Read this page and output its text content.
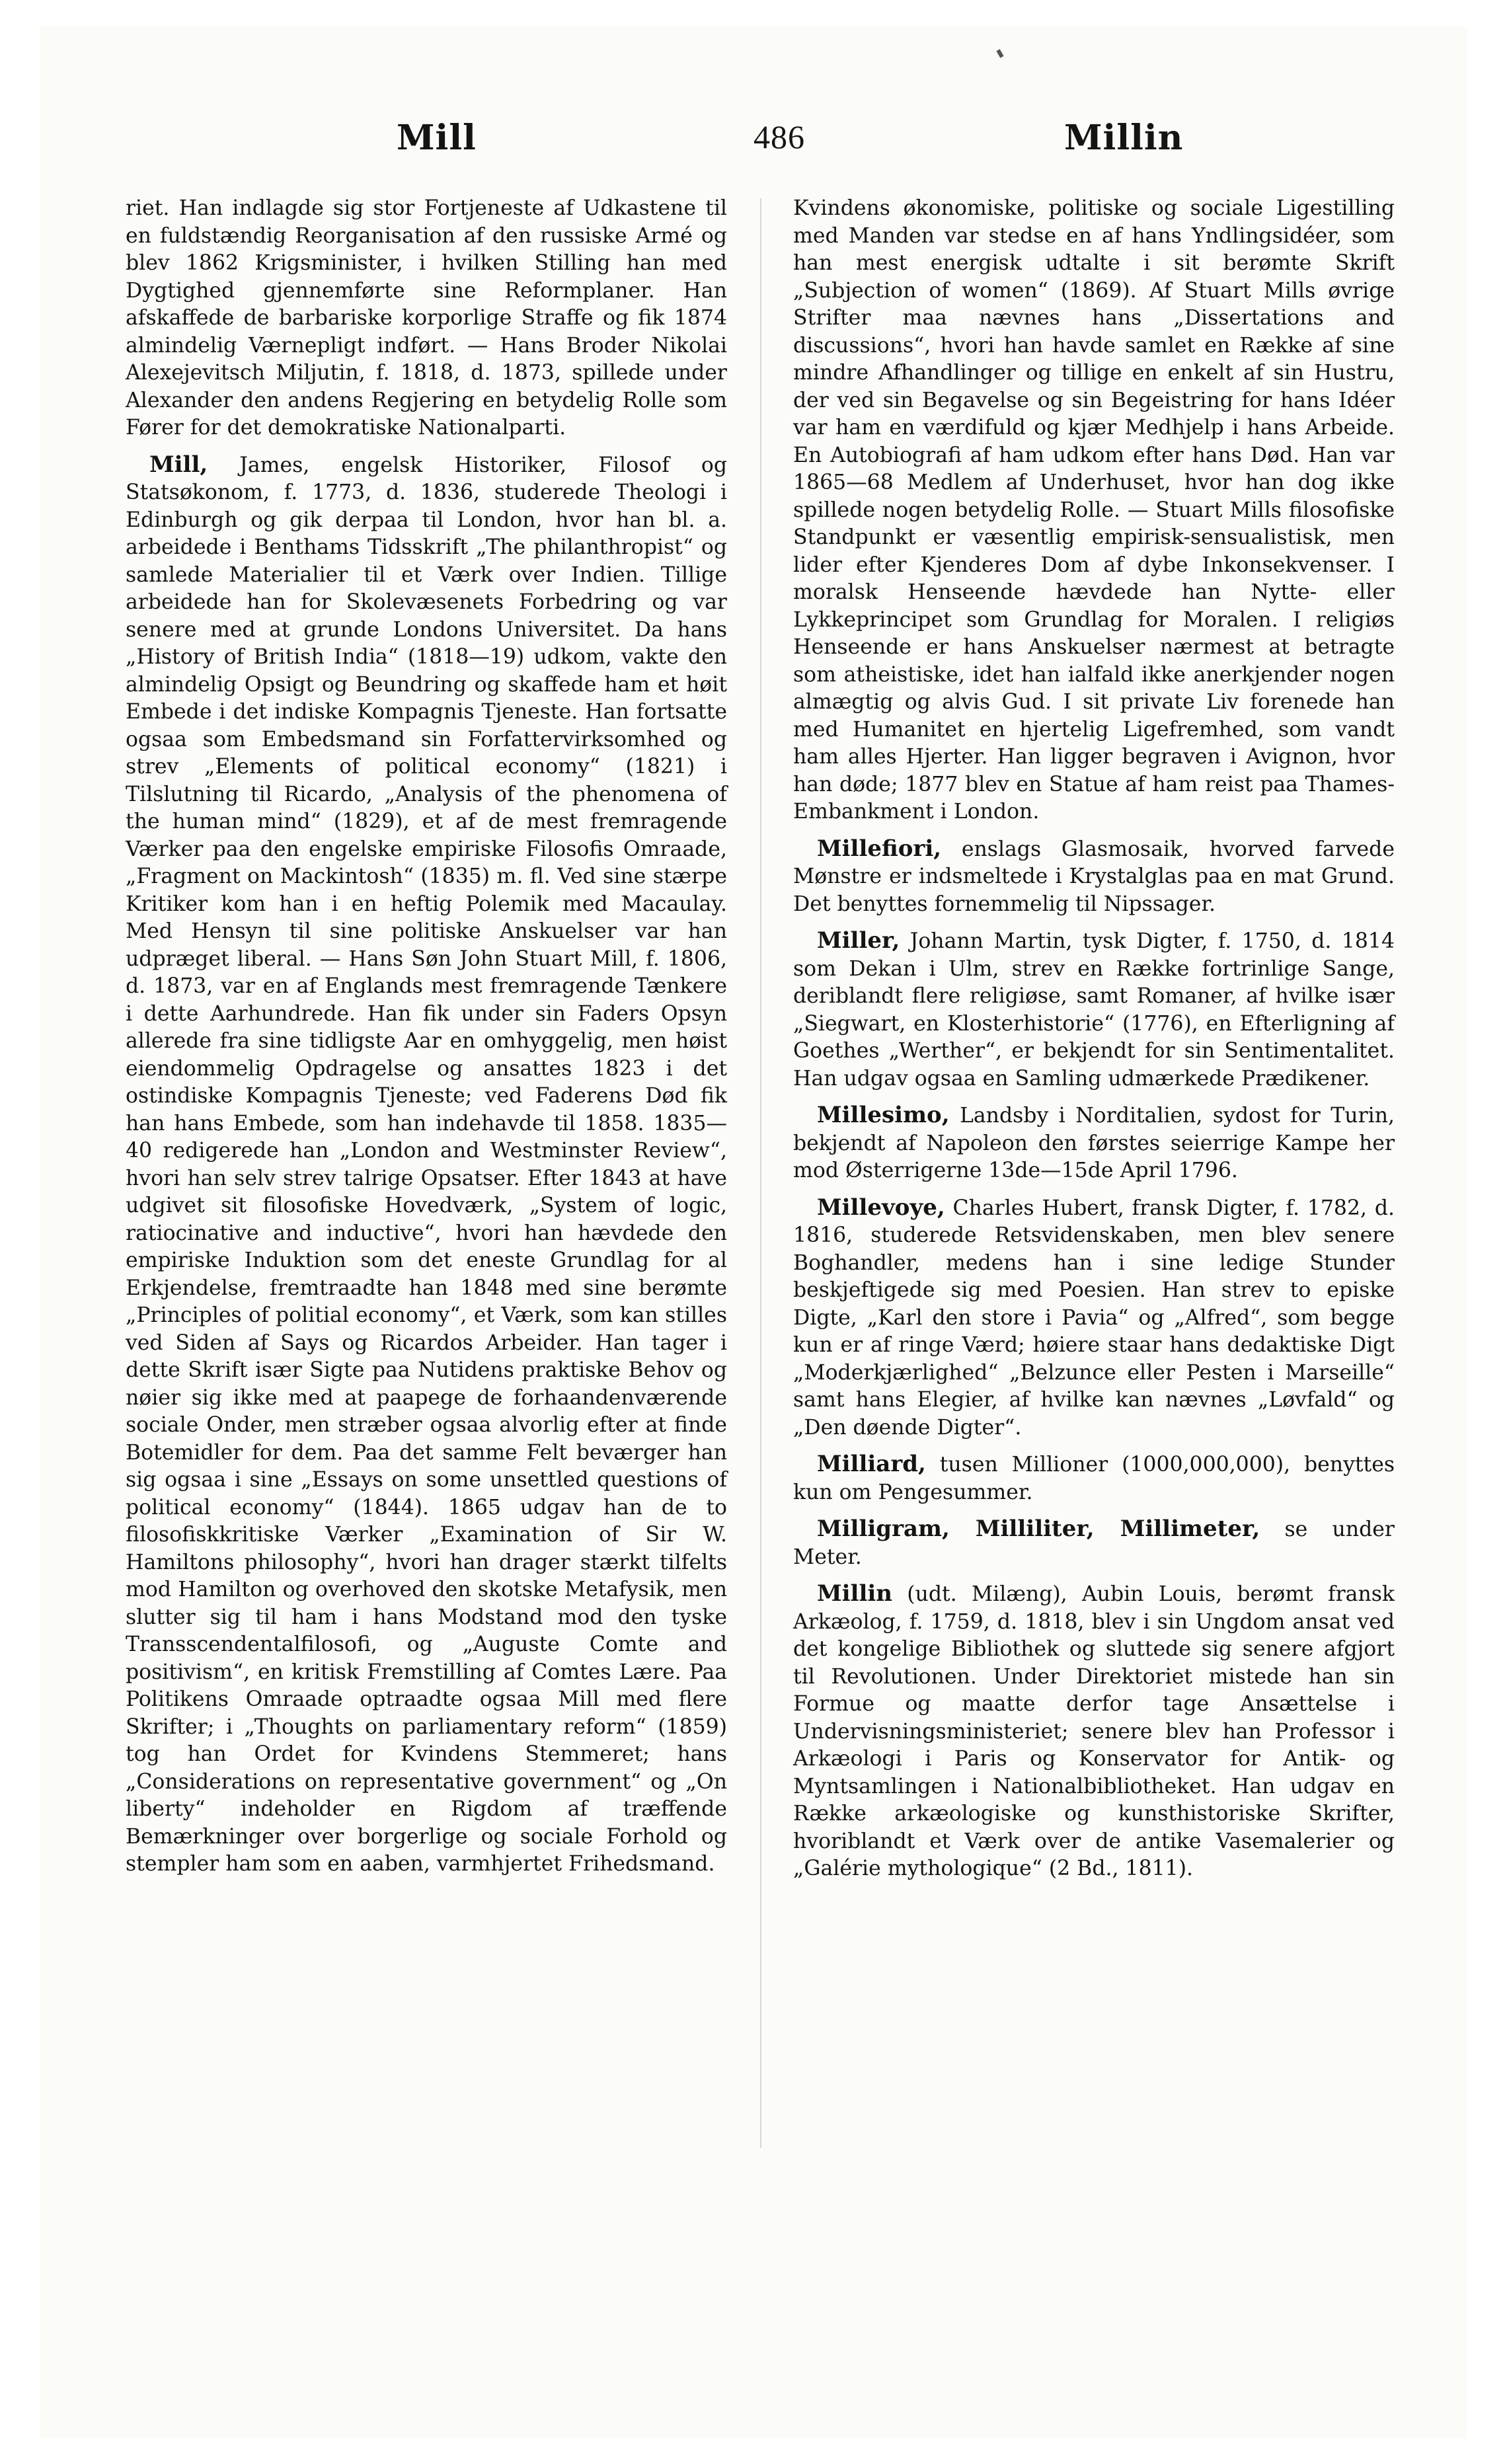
Mill	486	Millin

riet. Han indlagde sig stor Fortjeneste af Udkastene til en fuldstændig Reorganisation af den russiske Armé og blev 1862 Krigsminister, i hvilken Stilling han med Dygtighed gjennemførte sine Reformplaner. Han afskaffede de barbariske korporlige Straffe og fik 1874 almindelig Værnepligt indført. — Hans Broder Nikolai Alexejevitsch Miljutin, f. 1818, d. 1873, spillede under Alexander den andens Regjering en betydelig Rolle som Fører for det demokratiske Nationalparti.

Mill, James, engelsk Historiker, Filosof og Statsøkonom, f. 1773, d. 1836, studerede Theologi i Edinburgh og gik derpaa til London, hvor han bl. a. arbeidede i Benthams Tidsskrift „The philanthropist“ og samlede Materialier til et Værk over Indien. Tillige arbeidede han for Skolevæsenets Forbedring og var senere med at grunde Londons Universitet. Da hans „History of British India“ (1818—19) udkom, vakte den almindelig Opsigt og Beundring og skaffede ham et høit Embede i det indiske Kompagnis Tjeneste. Han fortsatte ogsaa som Embedsmand sin Forfattervirksomhed og strev „Elements of political economy“ (1821) i Tilslutning til Ricardo, „Analysis of the phenomena of the human mind“ (1829), et af de mest fremragende Værker paa den engelske empiriske Filosofis Omraade, „Fragment on Mackintosh“ (1835) m. fl. Ved sine stærpe Kritiker kom han i en heftig Polemik med Macaulay. Med Hensyn til sine politiske Anskuelser var han udpræget liberal. — Hans Søn John Stuart Mill, f. 1806, d. 1873, var en af Englands mest fremragende Tænkere i dette Aarhundrede. Han fik under sin Faders Opsyn allerede fra sine tidligste Aar en omhyggelig, men høist eiendommelig Opdragelse og ansattes 1823 i det ostindiske Kompagnis Tjeneste; ved Faderens Død fik han hans Embede, som han indehavde til 1858. 1835—40 redigerede han „London and Westminster Review“, hvori han selv strev talrige Opsatser. Efter 1843 at have udgivet sit filosofiske Hovedværk, „System of logic, ratiocinative and inductive“, hvori han hævdede den empiriske Induktion som det eneste Grundlag for al Erkjendelse, fremtraadte han 1848 med sine berømte „Principles of politial economy“, et Værk, som kan stilles ved Siden af Says og Ricardos Arbeider. Han tager i dette Skrift især Sigte paa Nutidens praktiske Behov og nøier sig ikke med at paapege de forhaandenværende sociale Onder, men stræber ogsaa alvorlig efter at finde Botemidler for dem. Paa det samme Felt beværger han sig ogsaa i sine „Essays on some unsettled questions of political economy“ (1844). 1865 udgav han de to filosofiskkritiske Værker „Examination of Sir W. Hamiltons philosophy“, hvori han drager stærkt tilfelts mod Hamilton og overhoved den skotske Metafysik, men slutter sig til ham i hans Modstand mod den tyske Transscendentalfilosofi, og „Auguste Comte and positivism“, en kritisk Fremstilling af Comtes Lære. Paa Politikens Omraade optraadte ogsaa Mill med flere Skrifter; i „Thoughts on parliamentary reform“ (1859) tog han Ordet for Kvindens Stemmeret; hans „Considerations on representative government“ og „On liberty“ indeholder en Rigdom af træffende Bemærkninger over borgerlige og sociale Forhold og stempler ham som en aaben, varmhjertet Frihedsmand.

Kvindens økonomiske, politiske og sociale Ligestilling med Manden var stedse en af hans Yndlingsidéer, som han mest energisk udtalte i sit berømte Skrift „Subjection of women“ (1869). Af Stuart Mills øvrige Strifter maa nævnes hans „Dissertations and discussions“, hvori han havde samlet en Række af sine mindre Afhandlinger og tillige en enkelt af sin Hustru, der ved sin Begavelse og sin Begeistring for hans Idéer var ham en værdifuld og kjær Medhjelp i hans Arbeide. En Autobiografi af ham udkom efter hans Død. Han var 1865—68 Medlem af Underhuset, hvor han dog ikke spillede nogen betydelig Rolle. — Stuart Mills filosofiske Standpunkt er væsentlig empirisk-sensualistisk, men lider efter Kjenderes Dom af dybe Inkonsekvenser. I moralsk Henseende hævdede han Nytte- eller Lykkeprincipet som Grundlag for Moralen. I religiøs Henseende er hans Anskuelser nærmest at betragte som atheistiske, idet han ialfald ikke anerkjender nogen almægtig og alvis Gud. I sit private Liv forenede han med Humanitet en hjertelig Ligefremhed, som vandt ham alles Hjerter. Han ligger begraven i Avignon, hvor han døde; 1877 blev en Statue af ham reist paa Thames-Embankment i London.

Millefiori, enslags Glasmosaik, hvorved farvede Mønstre er indsmeltede i Krystalglas paa en mat Grund. Det benyttes fornemmelig til Nipssager.

Miller, Johann Martin, tysk Digter, f. 1750, d. 1814 som Dekan i Ulm, strev en Række fortrinlige Sange, deriblandt flere religiøse, samt Romaner, af hvilke især „Siegwart, en Klosterhistorie“ (1776), en Efterligning af Goethes „Werther“, er bekjendt for sin Sentimentalitet. Han udgav ogsaa en Samling udmærkede Prædikener.

Millesimo, Landsby i Norditalien, sydost for Turin, bekjendt af Napoleon den førstes seierrige Kampe her mod Østerrigerne 13de—15de April 1796.

Millevoye, Charles Hubert, fransk Digter, f. 1782, d. 1816, studerede Retsvidenskaben, men blev senere Boghandler, medens han i sine ledige Stunder beskjeftigede sig med Poesien. Han strev to episke Digte, „Karl den store i Pavia“ og „Alfred“, som begge kun er af ringe Værd; høiere staar hans dedaktiske Digt „Moderkjærlighed“ „Belzunce eller Pesten i Marseille“ samt hans Elegier, af hvilke kan nævnes „Løvfald“ og „Den døende Digter“.

Milliard, tusen Millioner (1000,000,000), benyttes kun om Pengesummer.

Milligram, Milliliter, Millimeter, se under Meter.

Millin (udt. Milæng), Aubin Louis, berømt fransk Arkæolog, f. 1759, d. 1818, blev i sin Ungdom ansat ved det kongelige Bibliothek og sluttede sig senere afgjort til Revolutionen. Under Direktoriet mistede han sin Formue og maatte derfor tage Ansættelse i Undervisningsministeriet; senere blev han Professor i Arkæologi i Paris og Konservator for Antik- og Myntsamlingen i Nationalbibliotheket. Han udgav en Række arkæologiske og kunsthistoriske Skrifter, hvoriblandt et Værk over de antike Vasemalerier og „Galérie mythologique“ (2 Bd., 1811).
